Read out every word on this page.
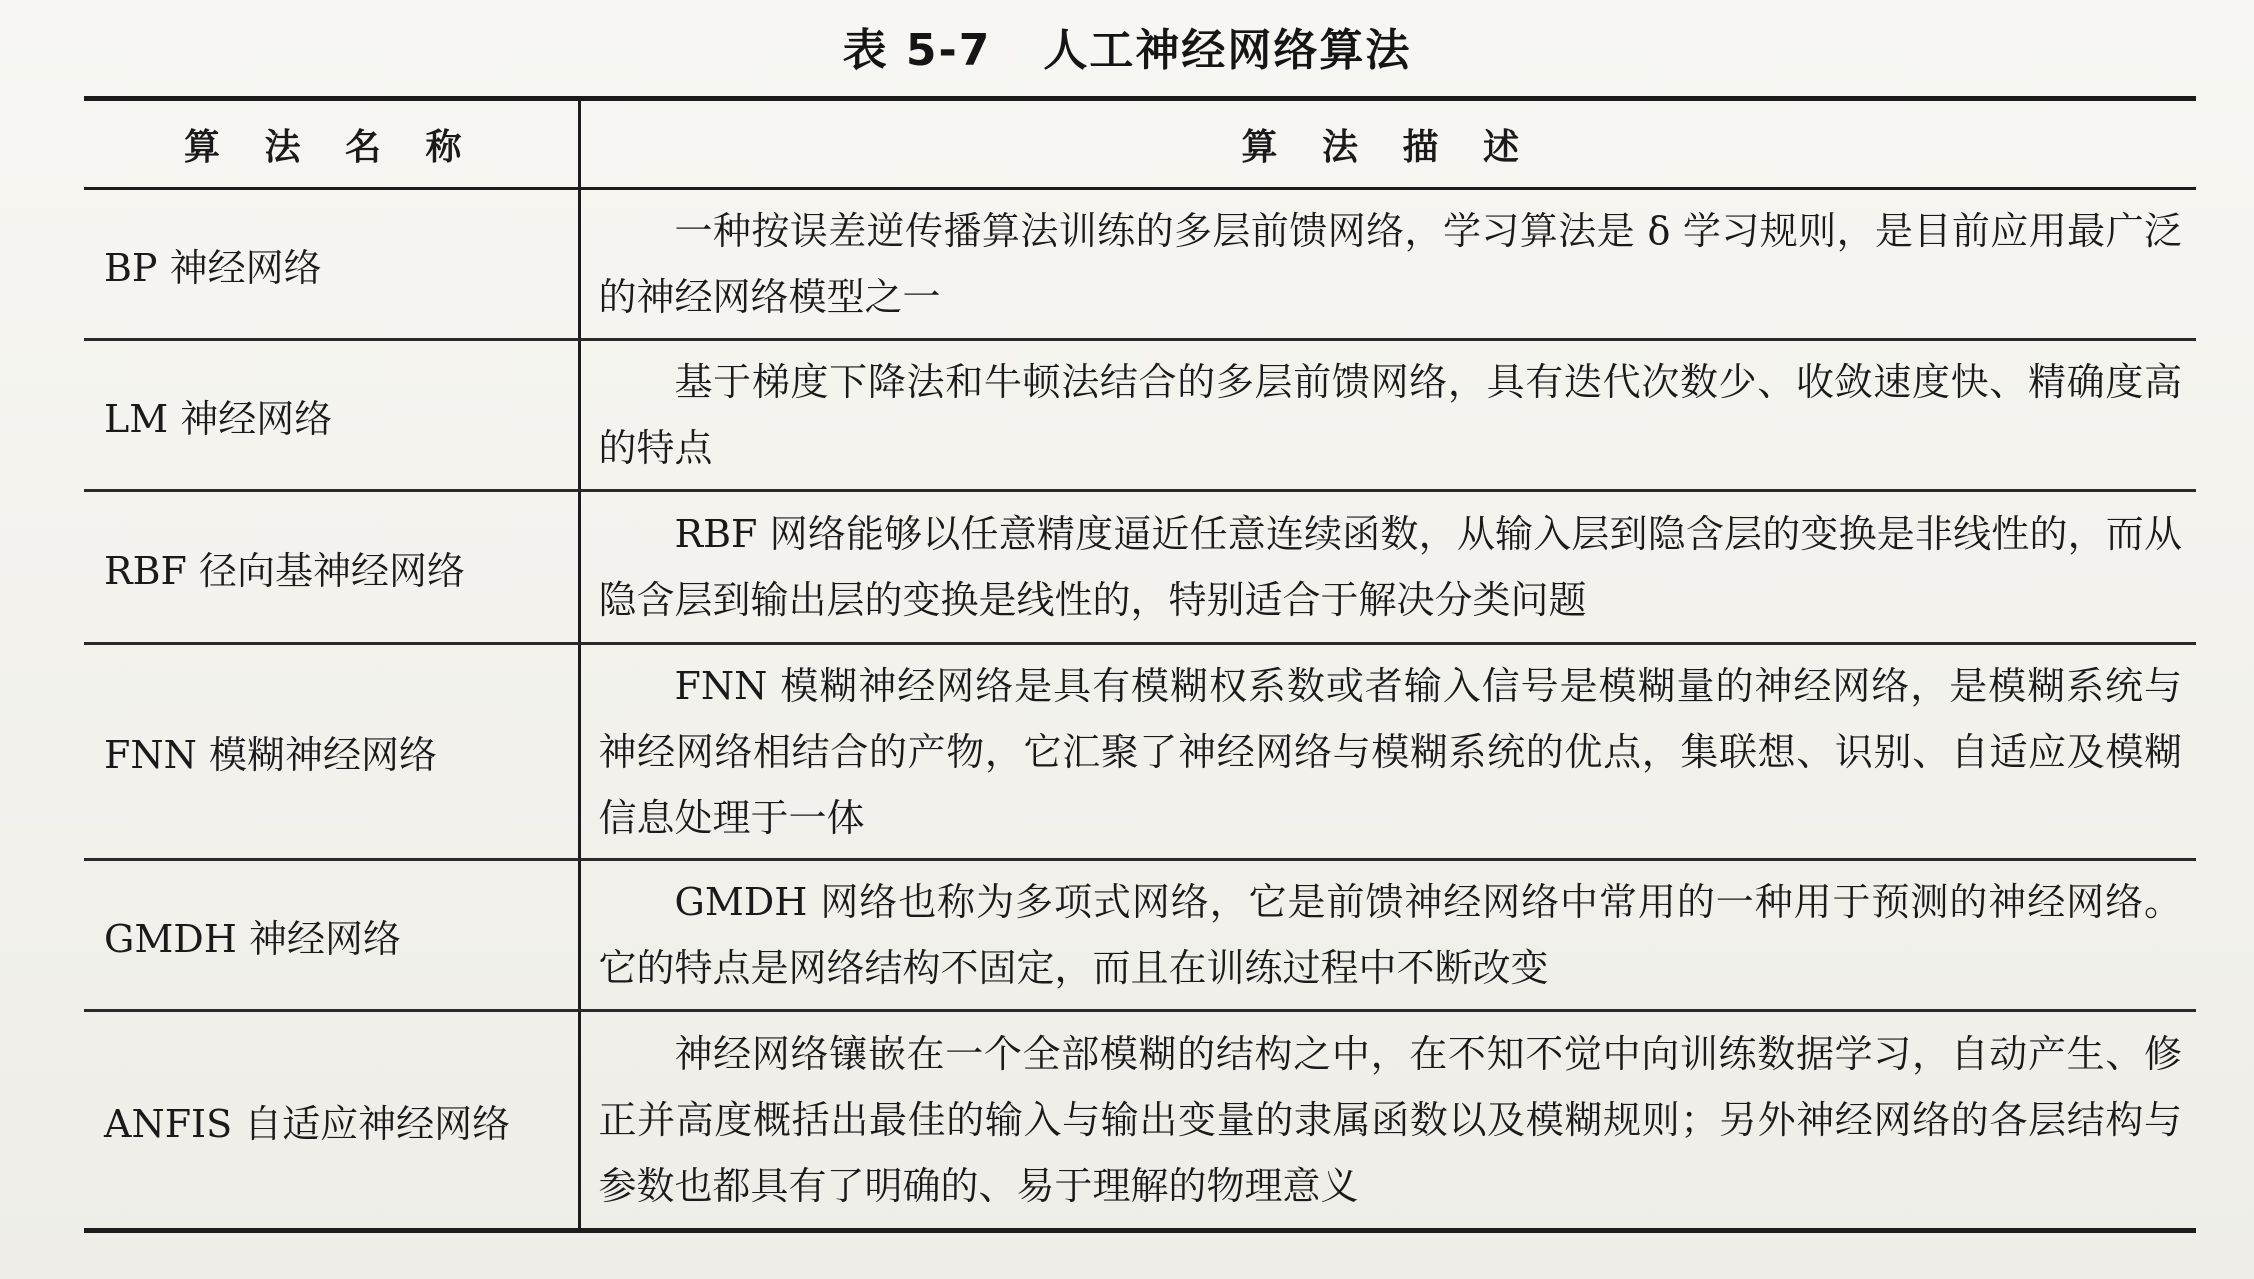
表 5-7 人工神经网络算法
算 法 名 称	算 法 描 述
BP 神经网络	一种按误差逆传播算法训练的多层前馈网络，学习算法是 δ 学习规则，是目前应用最广泛的神经网络模型之一
LM 神经网络	基于梯度下降法和牛顿法结合的多层前馈网络，具有迭代次数少、收敛速度快、精确度高的特点
RBF 径向基神经网络	RBF 网络能够以任意精度逼近任意连续函数，从输入层到隐含层的变换是非线性的，而从隐含层到输出层的变换是线性的，特别适合于解决分类问题
FNN 模糊神经网络	FNN 模糊神经网络是具有模糊权系数或者输入信号是模糊量的神经网络，是模糊系统与神经网络相结合的产物，它汇聚了神经网络与模糊系统的优点，集联想、识别、自适应及模糊信息处理于一体
GMDH 神经网络	GMDH 网络也称为多项式网络，它是前馈神经网络中常用的一种用于预测的神经网络。它的特点是网络结构不固定，而且在训练过程中不断改变
ANFIS 自适应神经网络	神经网络镶嵌在一个全部模糊的结构之中，在不知不觉中向训练数据学习，自动产生、修正并高度概括出最佳的输入与输出变量的隶属函数以及模糊规则；另外神经网络的各层结构与参数也都具有了明确的、易于理解的物理意义
